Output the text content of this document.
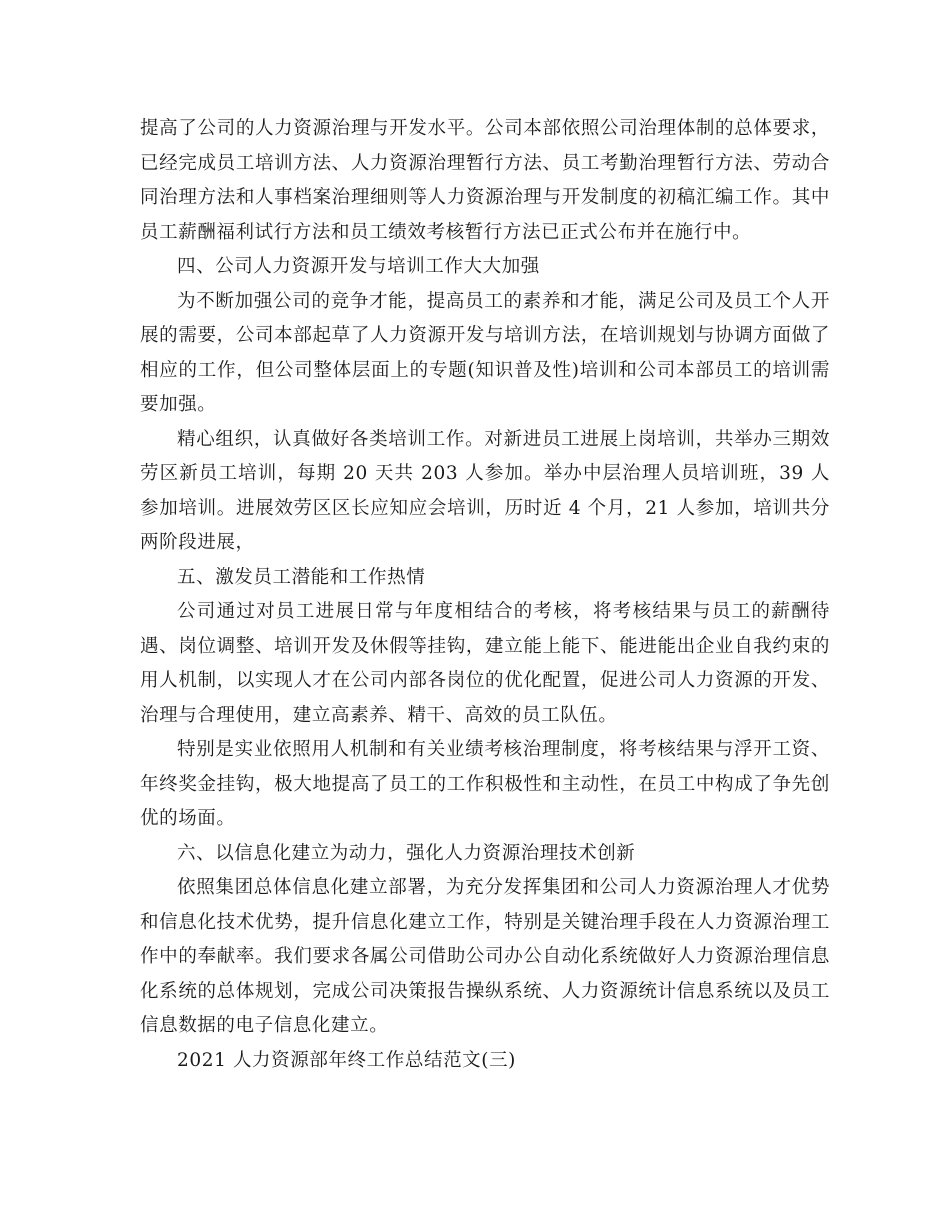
提高了公司的人力资源治理与开发水平。公司本部依照公司治理体制的总体要求，已经完成员工培训方法、人力资源治理暂行方法、员工考勤治理暂行方法、劳动合同治理方法和人事档案治理细则等人力资源治理与开发制度的初稿汇编工作。其中员工薪酬福利试行方法和员工绩效考核暂行方法已正式公布并在施行中。

四、公司人力资源开发与培训工作大大加强

为不断加强公司的竞争才能，提高员工的素养和才能，满足公司及员工个人开展的需要，公司本部起草了人力资源开发与培训方法，在培训规划与协调方面做了相应的工作，但公司整体层面上的专题(知识普及性)培训和公司本部员工的培训需要加强。

精心组织，认真做好各类培训工作。对新进员工进展上岗培训，共举办三期效劳区新员工培训，每期 20 天共 203 人参加。举办中层治理人员培训班，39 人参加培训。进展效劳区区长应知应会培训，历时近 4 个月，21 人参加，培训共分两阶段进展，

五、激发员工潜能和工作热情

公司通过对员工进展日常与年度相结合的考核，将考核结果与员工的薪酬待遇、岗位调整、培训开发及休假等挂钩，建立能上能下、能进能出企业自我约束的用人机制，以实现人才在公司内部各岗位的优化配置，促进公司人力资源的开发、治理与合理使用，建立高素养、精干、高效的员工队伍。

特别是实业依照用人机制和有关业绩考核治理制度，将考核结果与浮开工资、年终奖金挂钩，极大地提高了员工的工作积极性和主动性，在员工中构成了争先创优的场面。

六、以信息化建立为动力，强化人力资源治理技术创新

依照集团总体信息化建立部署，为充分发挥集团和公司人力资源治理人才优势和信息化技术优势，提升信息化建立工作，特别是关键治理手段在人力资源治理工作中的奉献率。我们要求各属公司借助公司办公自动化系统做好人力资源治理信息化系统的总体规划，完成公司决策报告操纵系统、人力资源统计信息系统以及员工信息数据的电子信息化建立。

2021 人力资源部年终工作总结范文(三)
